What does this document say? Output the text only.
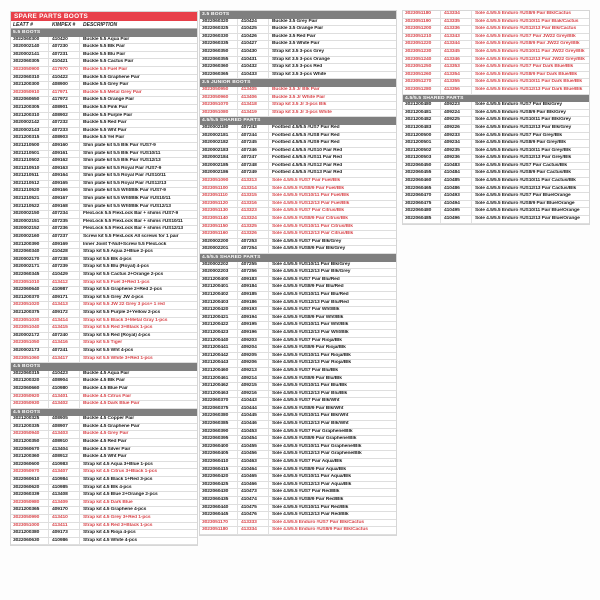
SPARE PARTS BOOTS
LEATT #	KIMPEX #	DESCRIPTION
5.5 BOOTS
3022060300	410420	Buckle 5.5 Aqua Pair
3020002140	407230	Buckle 5.5 Blk Pair
3020002141	407231	Buckle 5.5 Blu Pair
3022060305	410421	Buckle 5.5 Cactus Pair
3023050900	417970	Buckle 5.5 Fuel Pair
3022060310	410422	Buckle 5.5 Graphene Pair
3021200300	408900	Buckle 5.5 Grey Pair
3023050910	417971	Buckle 5.5 Metal Grey Pair
3022060650	417972	Buckle 5.5 Orange Pair
3021200305	408901	Buckle 5.5 Pink Pair
3021200310	408902	Buckle 5.5 Purple Pair
3020002142	407232	Buckle 5.5 Red Pair
3020002143	407233	Buckle 5.5 Wht Pair
3021200315	408903	Buckle 5.5 Yel Pair
3021210500	409160	Shin plate kit 5.5 Blk Pair #US7-9
3021210501	409161	Shin plate kit 5.5 Blk Pair #US10/11
3021210502	409162	Shin plate kit 5.5 Blk Pair #US12/13
3021210510	409163	Shin plate kit 5.5 Royal Pair #US7-9
3021210511	409164	Shin plate kit 5.5 Royal Pair #US10/11
3021210512	409165	Shin plate kit 5.5 Royal Pair #US12/13
3021210520	409166	Shin plate kit 5.5 Wht/Blk Pair #US7-9
3021210521	409167	Shin plate kit 5.5 Wht/Blk Pair #US10/11
3021210522	409168	Shin plate kit 5.5 Wht/Blk Pair #US12/13
3020002150	407234	FlexLock 5.5 FlexLock Bar + shims #US7-9
3020002151	407235	FlexLock 5.5 FlexLock Bar + shims #US10/11
3020002152	407236	FlexLock 5.5 FlexLock Bar + shims #US12/13
3020002160	407237	Screw kit 5.5 FlexLock All screws for 1 pair
3021200390	409169	Inner Joint T-Nut+Screw 5.5 FlexLock
3022060340	410428	Strap kit 5.5 Aqua 2+Blue 2-pcs
3020002170	407238	Strap kit 5.5 Blk 4-pcs
3020002171	407239	Strap kit 5.5 Blu (Royal) 4-pcs
3022060345	410429	Strap kit 5.5 Cactus 2+Orange 2-pcs
3023051010	413412	Strap kit 5.5 Fuel 3+Red 1-pcs
3022060640	410987	Strap kit 5.5 Graphene 2+Red 2-pcs
3021200370	409171	Strap kit 5.5 Grey JW 4-pcs
3023051020	413413	Strap kit 5.5 JW 22 Grey 3 pcs+ 1 red
3021200375	409172	Strap kit 5.5 Purple 2+Yellow 2-pcs
3023051030	413414	Strap kit 5.5 Black 3+Metal Gray 1-pcs
3023051040	413415	Strap kit 5.5 Red 3+Black 1-pcs
3020002172	407240	Strap kit 5.5 Red (Royal) 4-pcs
3023051050	413416	Strap kit 5.5 Tiger
3020002173	407241	Strap kit 5.5 Wht 4-pcs
3023051060	413417	Strap kit 5.5 White 3+Red 1-pcs
4.5 BOOTS
3022060315	410423	Buckle 4.5 Aqua Pair
3021200320	408904	Buckle 4.5 Blk Pair
3022060660	410980	Buckle 4.5 Blue Pair
3023050920	413401	Buckle 4.5 Citrus Pair
3023050930	413402	Buckle 4.5 Dark Blue Pair
4.5 BOOTS
3021200325	408905	Buckle 4.5 Copper Pair
3021200335	408907	Buckle 4.5 Graphene Pair
3023050940	413403	Buckle 4.5 Grey Pair
3021200350	408910	Buckle 4.5 Red Pair
3022060670	413404	Buckle 4.5 Silver Pair
3021200360	408912	Buckle 4.5 Wht Pair
3022060600	410983	Strap kit 4.5 Aqua 3+Blue 1-pcs
3023050970	413407	Strap kit 4.5 Citrus 3+Black 1-pcs
3022060610	410984	Strap kit 4.5 Black 1+Red 3-pcs
3022060620	410985	Strap kit 4.5 Blk 4-pcs
3022060339	413408	Strap kit 4.5 Blue 2+Orange 2-pcs
3023050980	413409	Strap kit 4.5 Dark Blue
3021200365	409170	Strap kit 4.5 Graphene 4-pcs
3023050990	413410	Strap kit 4.5 Grey 3+Red 1-pcs
3023051000	413411	Strap kit 4.5 Red 3+Black 1-pcs
3021200380	409173	Strap kit 4.5 Rioja 4-pcs
3022060630	410986	Strap kit 4.5 White 4-pcs
3.5 BOOTS
3022060320	410424	Buckle 3.5 Grey Pair
3022060325	410425	Buckle 3.5 Orange Pair
3022060330	410426	Buckle 3.5 Red Pair
3022060335	410427	Buckle 3.5 White Pair
3022060350	410430	Strap kit 3.5 3-pcs Grey
3022060355	410431	Strap kit 3.5 3-pcs Orange
3022060360	410432	Strap kit 3.5 3-pcs Red
3022060365	410433	Strap kit 3.5 3-pcs White
3.5 JUNIOR BOOTS
3023050950	413405	Buckle 3.5 Jr Blk Pair
3023050960	413406	Buckle 3.5 Jr White Pair
3023051070	413418	Strap kit 3.5 Jr 3-pcs Blk
3023051080	413419	Strap kit 3.5 Jr 3-pcs White
4.5/5.5 SHARED PARTS
3020002180	407243	Footbed 4.5/5.5 #US7 Pair Red
3020002181	407244	Footbed 4.5/5.5 #US8 Pair Red
3020002182	407245	Footbed 4.5/5.5 #US9 Pair Red
3020002183	407246	Footbed 4.5/5.5 #US10 Pair Red
3020002184	407247	Footbed 4.5/5.5 #US11 Pair Red
3020002185	407248	Footbed 4.5/5.5 #US12 Pair Red
3020002186	407249	Footbed 4.5/5.5 #US13 Pair Red
3023051090	413313	Sole 4.5/5.5 #US7 Pair Fuel/Blk
3023051100	413314	Sole 4.5/5.5 #US8/9 Pair Fuel/Blk
3023051110	413315	Sole 4.5/5.5 #US10/11 Pair Fuel/Blk
3023051120	413316	Sole 4.5/5.5 #US12/13 Pair Fuel/Blk
3023051130	413323	Sole 4.5/5.5 #US7 Pair Citrus/Blk
3023051140	413324	Sole 4.5/5.5 #US8/9 Pair Citrus/Blk
3023051150	413325	Sole 4.5/5.5 #US10/11 Pair Citrus/Blk
3023051160	413326	Sole 4.5/5.5 #US12/13 Pair Citrus/Blk
3020002200	407253	Sole 4.5/5.5 #US7 Pair Blk/Grey
3020002201	407254	Sole 4.5/5.5 #US8/9 Pair Blk/Grey
4.5/5.5 SHARED PARTS
3020002202	407255	Sole 4.5/5.5 #US10/11 Pair Blk/Grey
3020002203	407256	Sole 4.5/5.5 #US12/13 Pair Blk/Grey
3021200400	409183	Sole 4.5/5.5 #US7 Pair Blu/Red
3021200401	409184	Sole 4.5/5.5 #US8/9 Pair Blu/Red
3021200402	409185	Sole 4.5/5.5 #US10/11 Pair Blu/Red
3021200403	409186	Sole 4.5/5.5 #US12/13 Pair Blu/Red
3021200420	409193	Sole 4.5/5.5 #US7 Pair Wht/Blk
3021200421	409194	Sole 4.5/5.5 #US8/9 Pair Wht/Blk
3021200422	409195	Sole 4.5/5.5 #US10/11 Pair Wht/Blk
3021200423	409196	Sole 4.5/5.5 #US12/13 Pair Wht/Blk
3021200440	409203	Sole 4.5/5.5 #US7 Pair Rioja/Blk
3021200441	409204	Sole 4.5/5.5 #US8/9 Pair Rioja/Blk
3021200442	409205	Sole 4.5/5.5 #US10/11 Pair Rioja/Blk
3021200443	409206	Sole 4.5/5.5 #US12/13 Pair Rioja/Blk
3021200460	409213	Sole 4.5/5.5 #US7 Pair Blu/Blk
3021200461	409214	Sole 4.5/5.5 #US8/9 Pair Blu/Blk
3021200462	409215	Sole 4.5/5.5 #US10/11 Pair Blu/Blk
3021200463	409216	Sole 4.5/5.5 #US12/13 Pair Blu/Blk
3022060370	410443	Sole 4.5/5.5 #US7 Pair Blk/Wht
3022060375	410444	Sole 4.5/5.5 #US8/9 Pair Blk/Wht
3022060380	410445	Sole 4.5/5.5 #US10/11 Pair Blk/Wht
3022060385	410446	Sole 4.5/5.5 #US12/13 Pair Blk/Wht
3022060390	410453	Sole 4.5/5.5 #US7 Pair Graphene/Blk
3022060395	410454	Sole 4.5/5.5 #US8/9 Pair Graphene/Blk
3022060400	410455	Sole 4.5/5.5 #US10/11 Pair Graphene/Blk
3022060405	410456	Sole 4.5/5.5 #US12/13 Pair Graphene/Blk
3022060410	410463	Sole 4.5/5.5 #US7 Pair Aqua/Blk
3022060415	410464	Sole 4.5/5.5 #US8/9 Pair Aqua/Blk
3022060420	410465	Sole 4.5/5.5 #US10/11 Pair Aqua/Blk
3022060425	410466	Sole 4.5/5.5 #US12/13 Pair Aqua/Blk
3022060430	410473	Sole 4.5/5.5 #US7 Pair Red/Blk
3022060435	410474	Sole 4.5/5.5 #US8/9 Pair Red/Blk
3022060440	410475	Sole 4.5/5.5 #US10/11 Pair Red/Blk
3022060445	410476	Sole 4.5/5.5 #US12/13 Pair Red/Blk
3023051170	413333	Sole 4.5/5.5 Enduro #US7 Pair Blk/Cactus
3023051180	413334	Sole 4.5/5.5 Enduro #US8/9 Pair Blk/Cactus
3023051180	413334	Sole 4.5/5.5 Enduro #US8/9 Pair Blk/Cactus
3023051190	413335	Sole 4.5/5.5 Enduro #US10/11 Pair Blak/Cactus
3023051200	413336	Sole 4.5/5.5 Enduro #US12/13 Pair Blk/Cactus
3023051210	413343	Sole 4.5/5.5 Enduro #US7 Pair JW22 Grey/Blk
3023051220	413344	Sole 4.5/5.5 Enduro #US8/9 Pair JW22 Grey/Blk
3023051230	413345	Sole 4.5/5.5 Enduro #US10/11 Pair JW22 Grey/Blk
3023051240	413346	Sole 4.5/5.5 Enduro #US12/13 Pair JW22 Grey/Blk
3023051250	413353	Sole 4.5/5.5 Enduro #US7 Pair Dark Blue/Blk
3023051260	413354	Sole 4.5/5.5 Enduro #US8/9 Pair Dark Blue/Blk
3023051270	413355	Sole 4.5/5.5 Enduro #US10/11 Pair Dark Blue/Blk
3023051280	413356	Sole 4.5/5.5 Enduro #US12/13 Pair Dark Blue/Blk
4.5/5.5 SHARED PARTS
3021200480	409223	Sole 4.5/5.5 Enduro #US7 Pair Blk/Grey
3021200481	409224	Sole 4.5/5.5 Enduro #US8/9 Pair Blk/Grey
3021200482	409225	Sole 4.5/5.5 Enduro #US10/11 Pair Blk/Grey
3021200483	409226	Sole 4.5/5.5 Enduro #US12/13 Pair Blk/Grey
3021200500	409233	Sole 4.5/5.5 Enduro #US7 Pair Grey/Blk
3021200501	409234	Sole 4.5/5.5 Enduro #US8/9 Pair Grey/Blk
3021200502	409235	Sole 4.5/5.5 Enduro #US10/11 Pair Grey/Blk
3021200503	409236	Sole 4.5/5.5 Enduro #US12/13 Pair Grey/Blk
3022060450	410483	Sole 4.5/5.5 Enduro #US7 Pair Cactus/Blk
3022060455	410484	Sole 4.5/5.5 Enduro #US8/9 Pair Cactus/Blk
3022060460	410485	Sole 4.5/5.5 Enduro #US10/11 Pair Cactus/Blk
3022060465	410486	Sole 4.5/5.5 Enduro #US12/13 Pair Cactus/Blk
3022060470	410493	Sole 4.5/5.5 Enduro #US7 Pair Blue/Orange
3022060475	410494	Sole 4.5/5.5 Enduro #US8/9 Pair Blue/Orange
3022060480	410495	Sole 4.5/5.5 Enduro #US10/11 Pair Blue/Orange
3022060485	410496	Sole 4.5/5.5 Enduro #US12/13 Pair Blue/Orange
